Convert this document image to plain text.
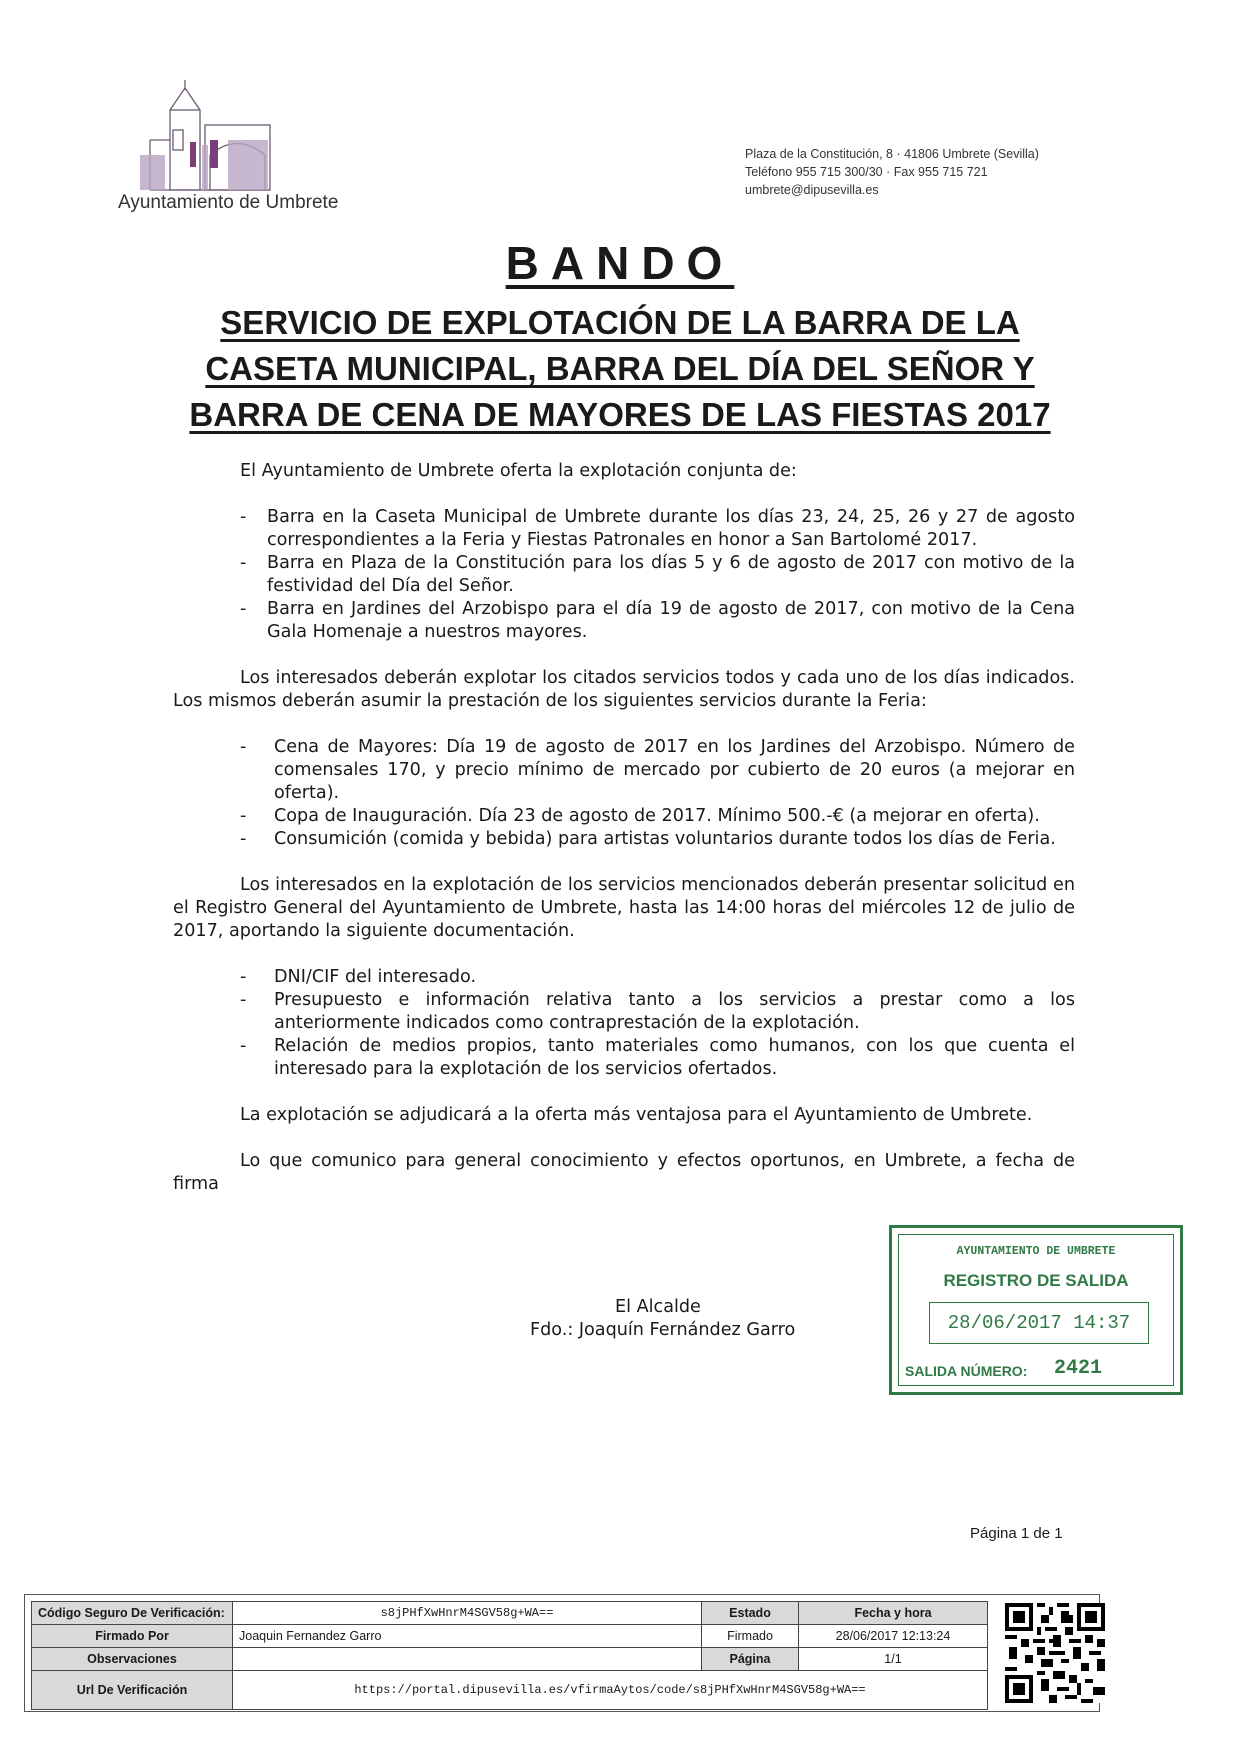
Ayuntamiento de Umbrete
Plaza de la Constitución, 8 · 41806 Umbrete (Sevilla)
Teléfono 955 715 300/30 · Fax 955 715 721
umbrete@dipusevilla.es
BANDO
SERVICIO DE EXPLOTACIÓN DE LA BARRA DE LA
CASETA MUNICIPAL, BARRA DEL DÍA DEL SEÑOR Y
BARRA DE CENA DE MAYORES DE LAS FIESTAS 2017

El Ayuntamiento de Umbrete oferta la explotación conjunta de:

- Barra en la Caseta Municipal de Umbrete durante los días 23, 24, 25, 26 y 27 de agosto correspondientes a la Feria y Fiestas Patronales en honor a San Bartolomé 2017.
- Barra en Plaza de la Constitución para los días 5 y 6 de agosto de 2017 con motivo de la festividad del Día del Señor.
- Barra en Jardines del Arzobispo para el día 19 de agosto de 2017, con motivo de la Cena Gala Homenaje a nuestros mayores.

Los interesados deberán explotar los citados servicios todos y cada uno de los días indicados. Los mismos deberán asumir la prestación de los siguientes servicios durante la Feria:

- Cena de Mayores: Día 19 de agosto de 2017 en los Jardines del Arzobispo. Número de comensales 170, y precio mínimo de mercado por cubierto de 20 euros (a mejorar en oferta).
- Copa de Inauguración. Día 23 de agosto de 2017. Mínimo 500.-€ (a mejorar en oferta).
- Consumición (comida y bebida) para artistas voluntarios durante todos los días de Feria.

Los interesados en la explotación de los servicios mencionados deberán presentar solicitud en el Registro General del Ayuntamiento de Umbrete, hasta las 14:00 horas del miércoles 12 de julio de 2017, aportando la siguiente documentación.

- DNI/CIF del interesado.
- Presupuesto e información relativa tanto a los servicios a prestar como a los anteriormente indicados como contraprestación de la explotación.
- Relación de medios propios, tanto materiales como humanos, con los que cuenta el interesado para la explotación de los servicios ofertados.

La explotación se adjudicará a la oferta más ventajosa para el Ayuntamiento de Umbrete.

Lo que comunico para general conocimiento y efectos oportunos, en Umbrete, a fecha de firma

El Alcalde
Fdo.: Joaquín Fernández Garro
AYUNTAMIENTO DE UMBRETE
REGISTRO DE SALIDA
28/06/2017 14:37
SALIDA NÚMERO: 2421
Página 1 de 1
Código Seguro De Verificación:	s8jPHfXwHnrM4SGV58g+WA==	Estado	Fecha y hora
Firmado Por	Joaquin Fernandez Garro	Firmado	28/06/2017 12:13:24
Observaciones		Página	1/1
Url De Verificación	https://portal.dipusevilla.es/vfirmaAytos/code/s8jPHfXwHnrM4SGV58g+WA==		
